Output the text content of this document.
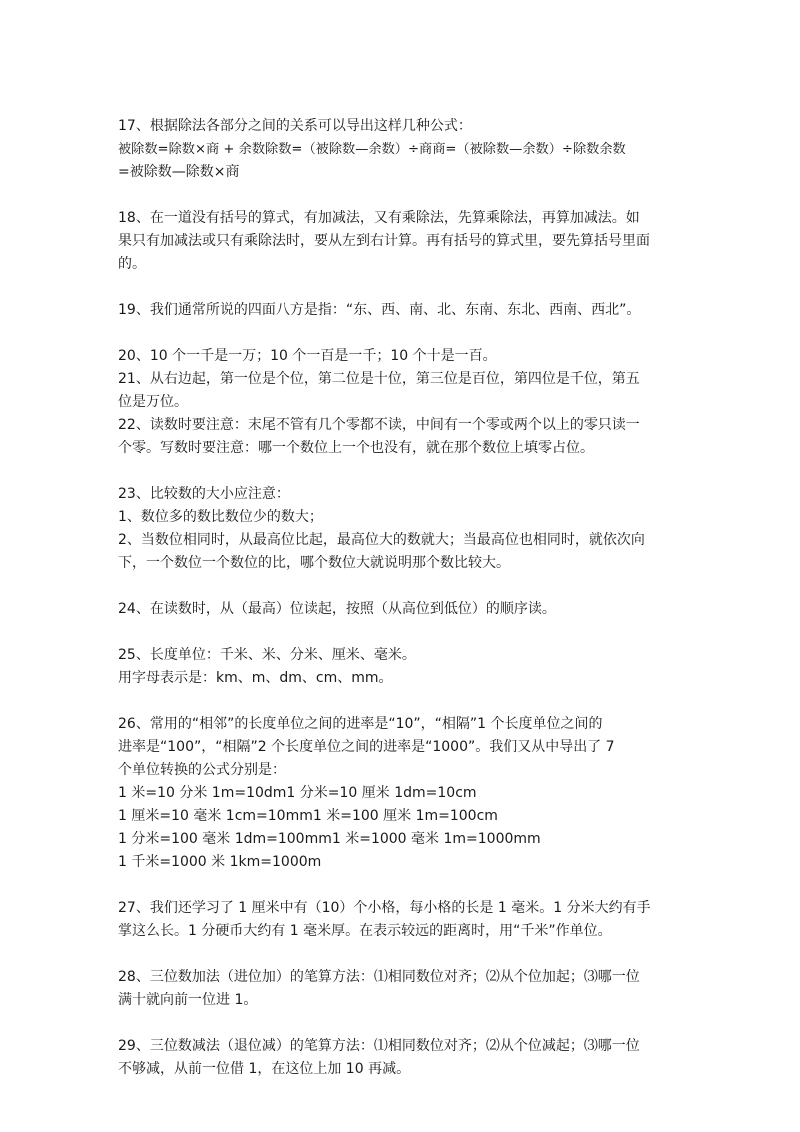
17、根据除法各部分之间的关系可以导出这样几种公式：
被除数=除数×商 + 余数除数=（被除数—余数）÷商商=（被除数—余数）÷除数余数
=被除数—除数×商
18、在一道没有括号的算式，有加减法，又有乘除法，先算乘除法，再算加减法。如
果只有加减法或只有乘除法时，要从左到右计算。再有括号的算式里，要先算括号里面
的。
19、我们通常所说的四面八方是指：“东、西、南、北、东南、东北、西南、西北”。
20、10 个一千是一万；10 个一百是一千；10 个十是一百。
21、从右边起，第一位是个位，第二位是十位，第三位是百位，第四位是千位，第五
位是万位。
22、读数时要注意：末尾不管有几个零都不读，中间有一个零或两个以上的零只读一
个零。写数时要注意：哪一个数位上一个也没有，就在那个数位上填零占位。
23、比较数的大小应注意：
1、数位多的数比数位少的数大；
2、当数位相同时，从最高位比起，最高位大的数就大；当最高位也相同时，就依次向
下，一个数位一个数位的比，哪个数位大就说明那个数比较大。
24、在读数时，从（最高）位读起，按照（从高位到低位）的顺序读。
25、长度单位：千米、米、分米、厘米、毫米。
用字母表示是：km、m、dm、cm、mm。
26、常用的“相邻”的长度单位之间的进率是“10”，“相隔”1 个长度单位之间的
进率是“100”，“相隔”2 个长度单位之间的进率是“1000”。我们又从中导出了 7
个单位转换的公式分别是：
1 米=10 分米 1m=10dm1 分米=10 厘米 1dm=10cm
1 厘米=10 毫米 1cm=10mm1 米=100 厘米 1m=100cm
1 分米=100 毫米 1dm=100mm1 米=1000 毫米 1m=1000mm
1 千米=1000 米 1km=1000m
27、我们还学习了 1 厘米中有（10）个小格，每小格的长是 1 毫米。1 分米大约有手
掌这么长。1 分硬币大约有 1 毫米厚。在表示较远的距离时，用“千米”作单位。
28、三位数加法（进位加）的笔算方法：⑴相同数位对齐；⑵从个位加起；⑶哪一位
满十就向前一位进 1。
29、三位数减法（退位减）的笔算方法：⑴相同数位对齐；⑵从个位减起；⑶哪一位
不够减，从前一位借 1，在这位上加 10 再减。
